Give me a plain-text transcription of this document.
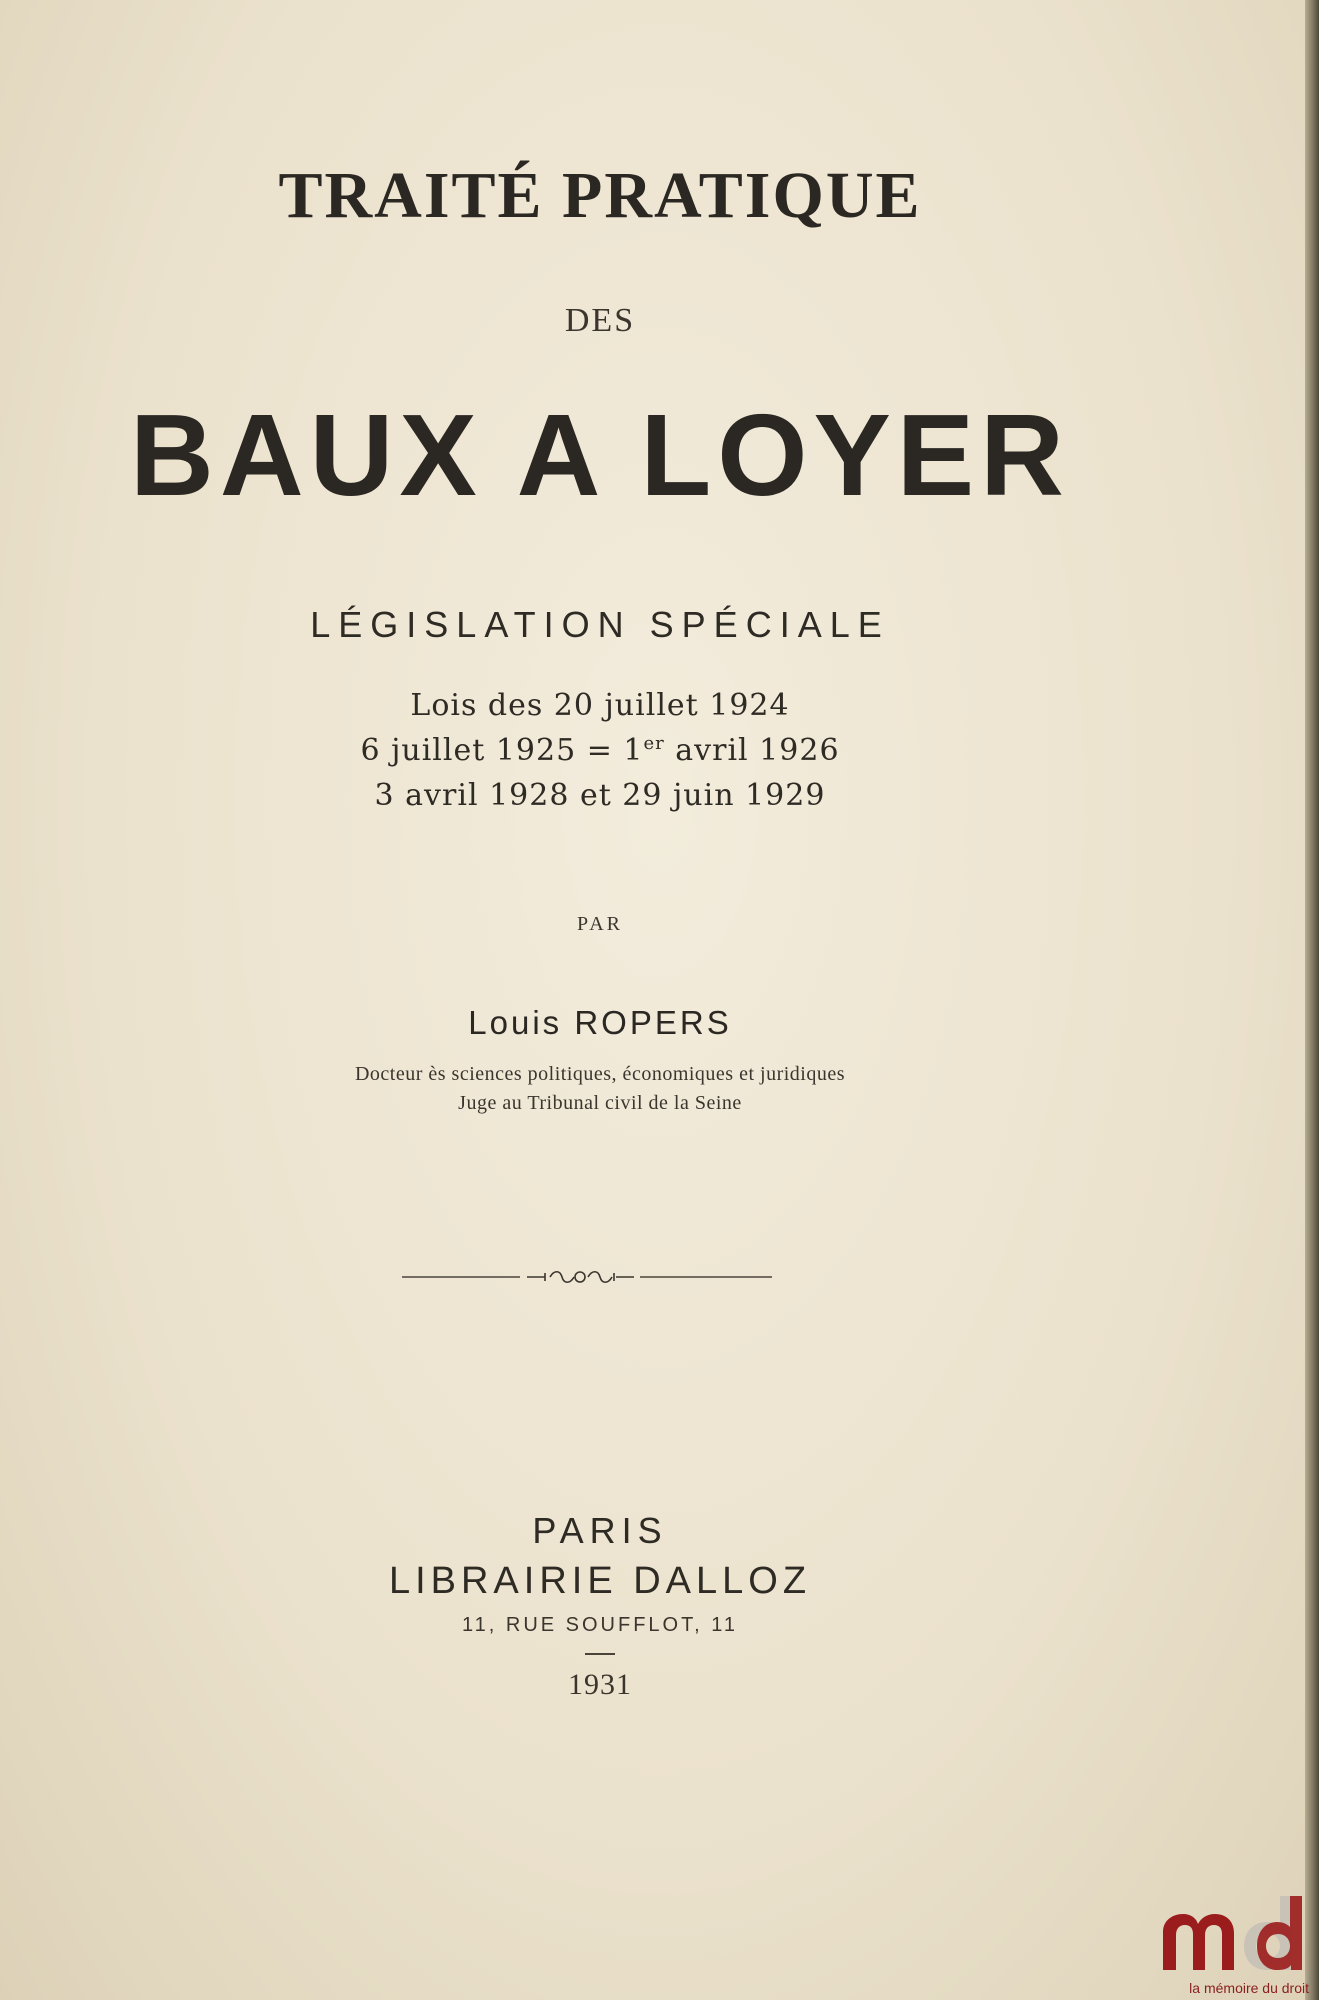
TRAITÉ PRATIQUE
DES
BAUX A LOYER
LÉGISLATION SPÉCIALE
Lois des 20 juillet 1924
6 juillet 1925 = 1er avril 1926
3 avril 1928 et 29 juin 1929
PAR
Louis ROPERS
Docteur ès sciences politiques, économiques et juridiques
Juge au Tribunal civil de la Seine
PARIS
LIBRAIRIE DALLOZ
11, RUE SOUFFLOT, 11
1931
la mémoire du droit
